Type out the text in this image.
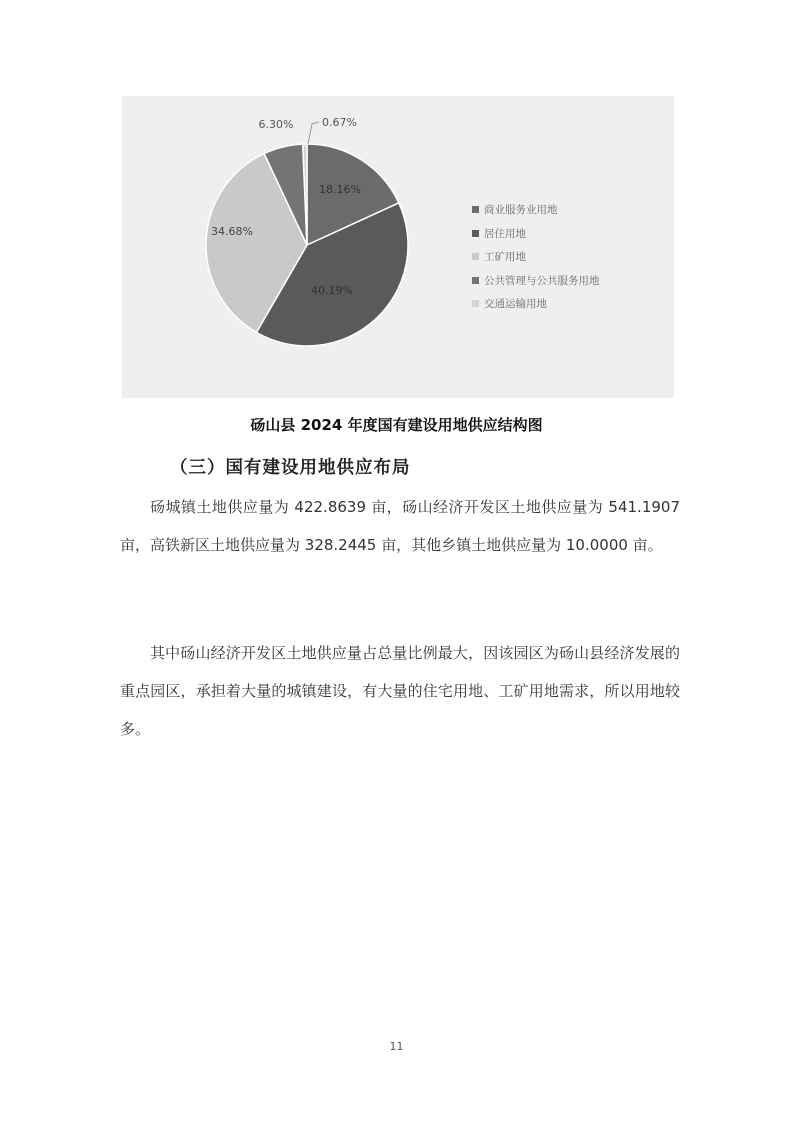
18.16%
40.19%
34.68%
6.30%	0.67%
商业服务业用地
居住用地
工矿用地
公共管理与公共服务用地
交通运输用地
砀山县 2024 年度国有建设用地供应结构图
（三）国有建设用地供应布局
砀城镇土地供应量为 422.8639 亩，砀山经济开发区土地供应量为 541.1907 亩，高铁新区土地供应量为 328.2445 亩，其他乡镇土地供应量为 10.0000 亩。
其中砀山经济开发区土地供应量占总量比例最大，因该园区为砀山县经济发展的重点园区，承担着大量的城镇建设，有大量的住宅用地、工矿用地需求，所以用地较多。
11
